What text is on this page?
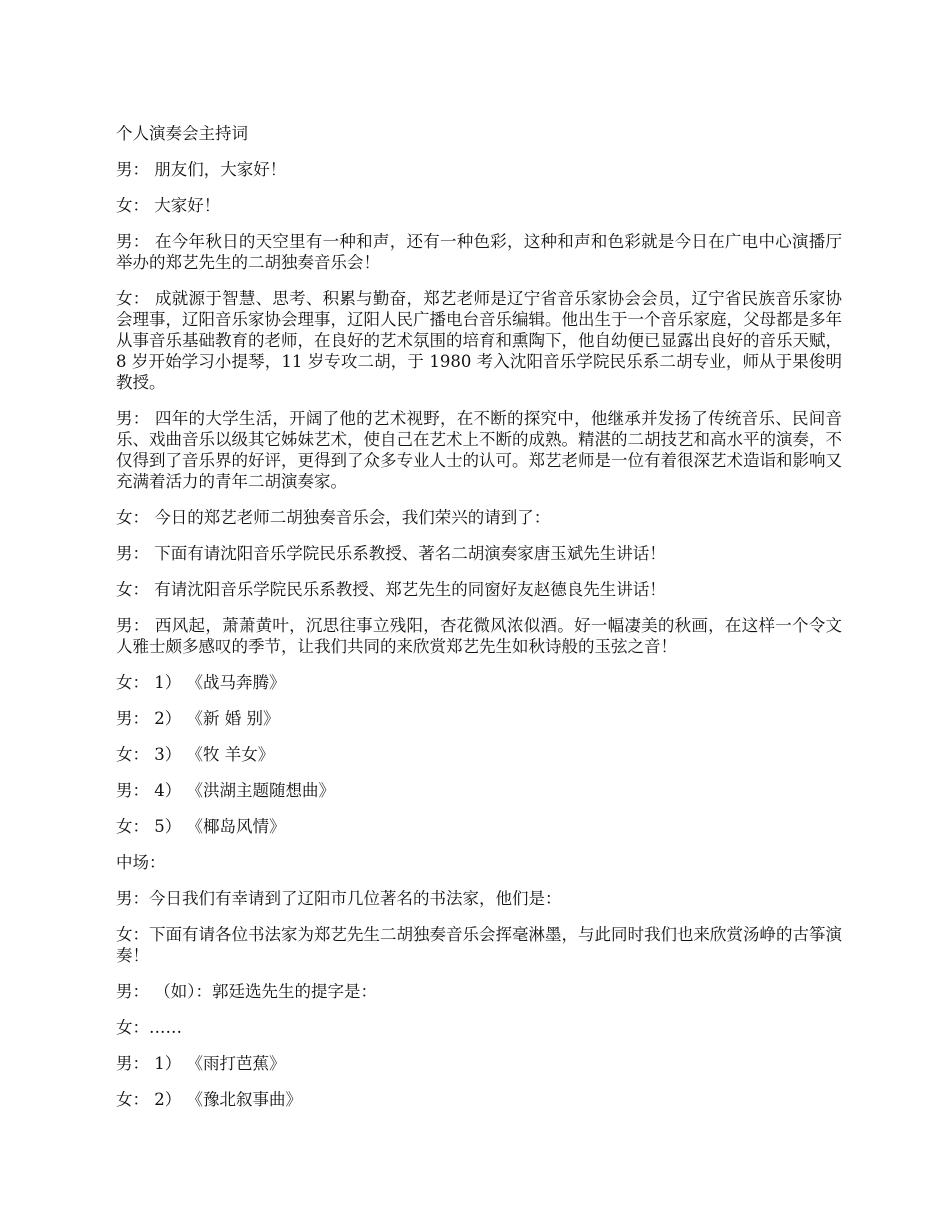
个人演奏会主持词

男： 朋友们，大家好！

女： 大家好！

男： 在今年秋日的天空里有一种和声，还有一种色彩，这种和声和色彩就是今日在广电中心演播厅举办的郑艺先生的二胡独奏音乐会！

女： 成就源于智慧、思考、积累与勤奋，郑艺老师是辽宁省音乐家协会会员，辽宁省民族音乐家协会理事，辽阳音乐家协会理事，辽阳人民广播电台音乐编辑。他出生于一个音乐家庭，父母都是多年从事音乐基础教育的老师，在良好的艺术氛围的培育和熏陶下，他自幼便已显露出良好的音乐天赋，8 岁开始学习小提琴，11 岁专攻二胡，于 1980 考入沈阳音乐学院民乐系二胡专业，师从于果俊明教授。

男： 四年的大学生活，开阔了他的艺术视野，在不断的探究中，他继承并发扬了传统音乐、民间音乐、戏曲音乐以级其它姊妹艺术，使自己在艺术上不断的成熟。精湛的二胡技艺和高水平的演奏，不仅得到了音乐界的好评，更得到了众多专业人士的认可。郑艺老师是一位有着很深艺术造诣和影响又充满着活力的青年二胡演奏家。

女： 今日的郑艺老师二胡独奏音乐会，我们荣兴的请到了：

男： 下面有请沈阳音乐学院民乐系教授、著名二胡演奏家唐玉斌先生讲话！

女： 有请沈阳音乐学院民乐系教授、郑艺先生的同窗好友赵德良先生讲话！

男： 西风起，萧萧黄叶，沉思往事立残阳，杏花微风浓似酒。好一幅凄美的秋画，在这样一个令文人雅士颇多感叹的季节，让我们共同的来欣赏郑艺先生如秋诗般的玉弦之音！

女： 1） 《战马奔腾》

男： 2） 《新 婚 别》

女： 3） 《牧 羊女》

男： 4） 《洪湖主题随想曲》

女： 5） 《椰岛风情》

中场：

男：今日我们有幸请到了辽阳市几位著名的书法家，他们是：

女：下面有请各位书法家为郑艺先生二胡独奏音乐会挥毫淋墨，与此同时我们也来欣赏汤峥的古筝演奏！

男： （如）：郭廷选先生的提字是：

女：……

男： 1） 《雨打芭蕉》

女： 2） 《豫北叙事曲》
